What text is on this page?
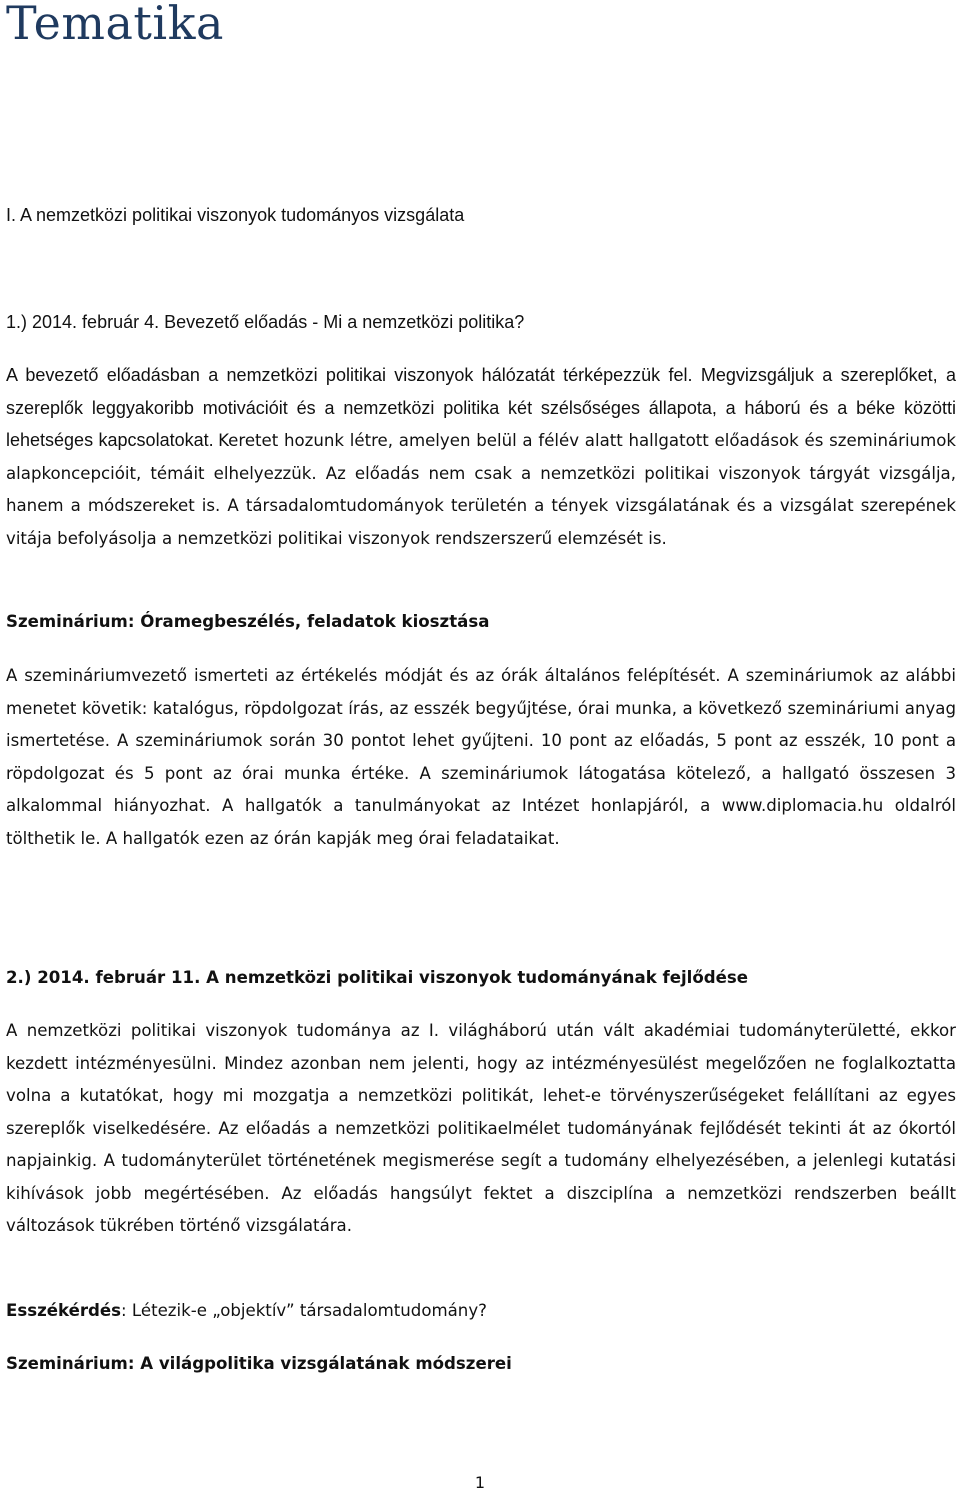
Tematika

I. A nemzetközi politikai viszonyok tudományos vizsgálata

1.) 2014. február 4. Bevezető előadás - Mi a nemzetközi politika?

A bevezető előadásban a nemzetközi politikai viszonyok hálózatát térképezzük fel. Megvizsgáljuk a szereplőket, a szereplők leggyakoribb motivációit és a nemzetközi politika két szélsőséges állapota, a háború és a béke közötti lehetséges kapcsolatokat. Keretet hozunk létre, amelyen belül a félév alatt hallgatott előadások és szemináriumok alapkoncepcióit, témáit elhelyezzük. Az előadás nem csak a nemzetközi politikai viszonyok tárgyát vizsgálja, hanem a módszereket is. A társadalomtudományok területén a tények vizsgálatának és a vizsgálat szerepének vitája befolyásolja a nemzetközi politikai viszonyok rendszerszerű elemzését is.

Szeminárium: Óramegbeszélés, feladatok kiosztása

A szemináriumvezető ismerteti az értékelés módját és az órák általános felépítését. A szemináriumok az alábbi menetet követik: katalógus, röpdolgozat írás, az esszék begyűjtése, órai munka, a következő szemináriumi anyag ismertetése. A szemináriumok során 30 pontot lehet gyűjteni. 10 pont az előadás, 5 pont az esszék, 10 pont a röpdolgozat és 5 pont az órai munka értéke. A szemináriumok látogatása kötelező, a hallgató összesen 3 alkalommal hiányozhat. A hallgatók a tanulmányokat az Intézet honlapjáról, a www.diplomacia.hu oldalról tölthetik le. A hallgatók ezen az órán kapják meg órai feladataikat.

2.) 2014. február 11. A nemzetközi politikai viszonyok tudományának fejlődése

A nemzetközi politikai viszonyok tudománya az I. világháború után vált akadémiai tudományterületté, ekkor kezdett intézményesülni. Mindez azonban nem jelenti, hogy az intézményesülést megelőzően ne foglalkoztatta volna a kutatókat, hogy mi mozgatja a nemzetközi politikát, lehet-e törvényszerűségeket felállítani az egyes szereplők viselkedésére. Az előadás a nemzetközi politikaelmélet tudományának fejlődését tekinti át az ókortól napjainkig. A tudományterület történetének megismerése segít a tudomány elhelyezésében, a jelenlegi kutatási kihívások jobb megértésében. Az előadás hangsúlyt fektet a diszciplína a nemzetközi rendszerben beállt változások tükrében történő vizsgálatára.

Esszékérdés: Létezik-e „objektív” társadalomtudomány?

Szeminárium: A világpolitika vizsgálatának módszerei

1
